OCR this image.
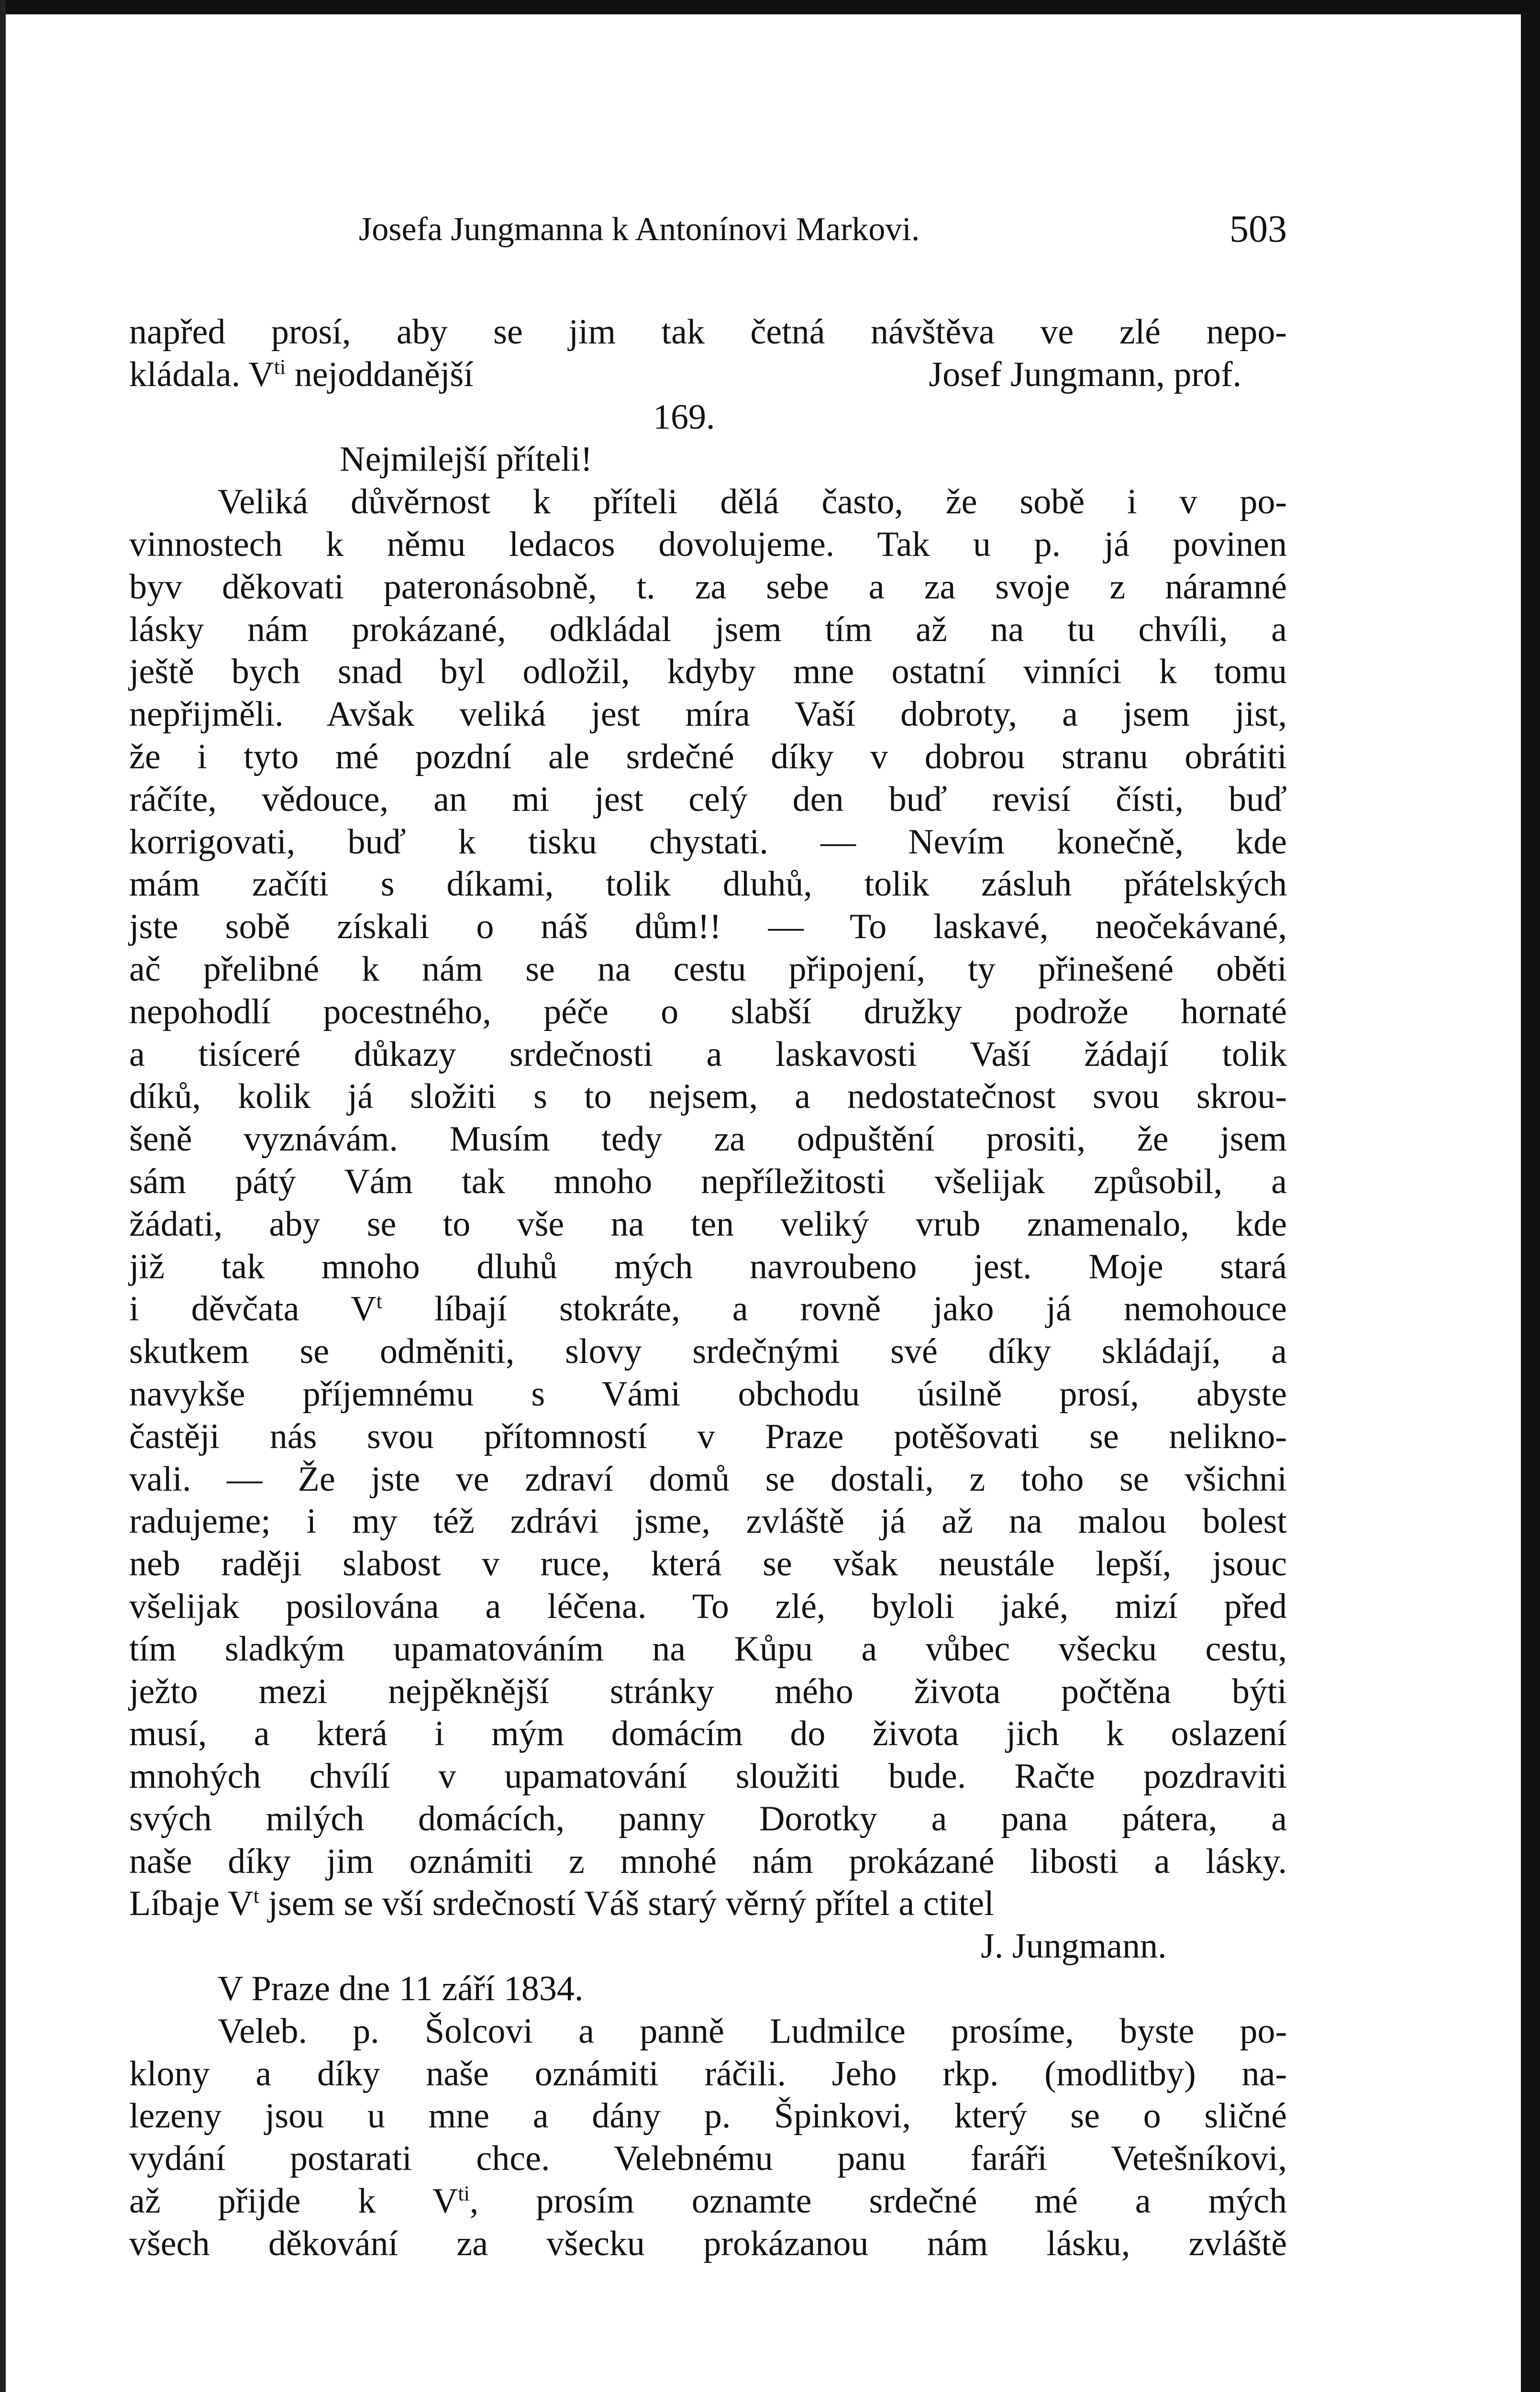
Josefa Jungmanna k Antonínovi Markovi.	503
napřed prosí, aby se jim tak četná návštěva ve zlé nepo-
kládala. $V^{ti}$ nejoddanější	Josef Jungmann, prof.
169.
Nejmilejší příteli!
Veliká důvěrnost k příteli dělá často, že sobě i v po-
vinnostech k němu ledacos dovolujeme. Tak u p. já povinen
byv děkovati pateronásobně, t. za sebe a za svoje z náramné
lásky nám prokázané, odkládal jsem tím až na tu chvíli, a
ještě bych snad byl odložil, kdyby mne ostatní vinníci k tomu
nepřijměli. Avšak veliká jest míra Vaší dobroty, a jsem jist,
že i tyto mé pozdní ale srdečné díky v dobrou stranu obrátiti
ráčíte, vědouce, an mi jest celý den buď revisí čísti, buď
korrigovati, buď k tisku chystati. — Nevím konečně, kde
mám začíti s díkami, tolik dluhů, tolik zásluh přátelských
jste sobě získali o náš dům!! — To laskavé, neočekávané,
ač přelibné k nám se na cestu připojení, ty přinešené oběti
nepohodlí pocestného, péče o slabší družky podrože hornaté
a tisíceré důkazy srdečnosti a laskavosti Vaší žádají tolik
díků, kolik já složiti s to nejsem, a nedostatečnost svou skrou-
šeně vyznávám. Musím tedy za odpuštění prositi, že jsem
sám pátý Vám tak mnoho nepříležitosti všelijak způsobil, a
žádati, aby se to vše na ten veliký vrub znamenalo, kde
již tak mnoho dluhů mých navroubeno jest. Moje stará
i děvčata $V^t$ líbají stokráte, a rovně jako já nemohouce
skutkem se odměniti, slovy srdečnými své díky skládají, a
navykše příjemnému s Vámi obchodu úsilně prosí, abyste
častěji nás svou přítomností v Praze potěšovati se nelikno-
vali. — Že jste ve zdraví domů se dostali, z toho se všichni
radujeme; i my též zdrávi jsme, zvláště já až na malou bolest
neb raději slabost v ruce, která se však neustále lepší, jsouc
všelijak posilována a léčena. To zlé, byloli jaké, mizí před
tím sladkým upamatováním na Kůpu a vůbec všecku cestu,
ježto mezi nejpěknější stránky mého života počtěna býti
musí, a která i mým domácím do života jich k oslazení
mnohých chvílí v upamatování sloužiti bude. Račte pozdraviti
svých milých domácích, panny Dorotky a pana pátera, a
naše díky jim oznámiti z mnohé nám prokázané libosti a lásky.
Líbaje $V^t$ jsem se vší srdečností Váš starý věrný přítel a ctitel
J. Jungmann.
V Praze dne 11 září 1834.
Veleb. p. Šolcovi a panně Ludmilce prosíme, byste po-
klony a díky naše oznámiti ráčili. Jeho rkp. (modlitby) na-
lezeny jsou u mne a dány p. Špinkovi, který se o sličné
vydání postarati chce. Velebnému panu faráři Vetešníkovi,
až přijde k $V^{ti}$, prosím oznamte srdečné mé a mých
všech děkování za všecku prokázanou nám lásku, zvláště
